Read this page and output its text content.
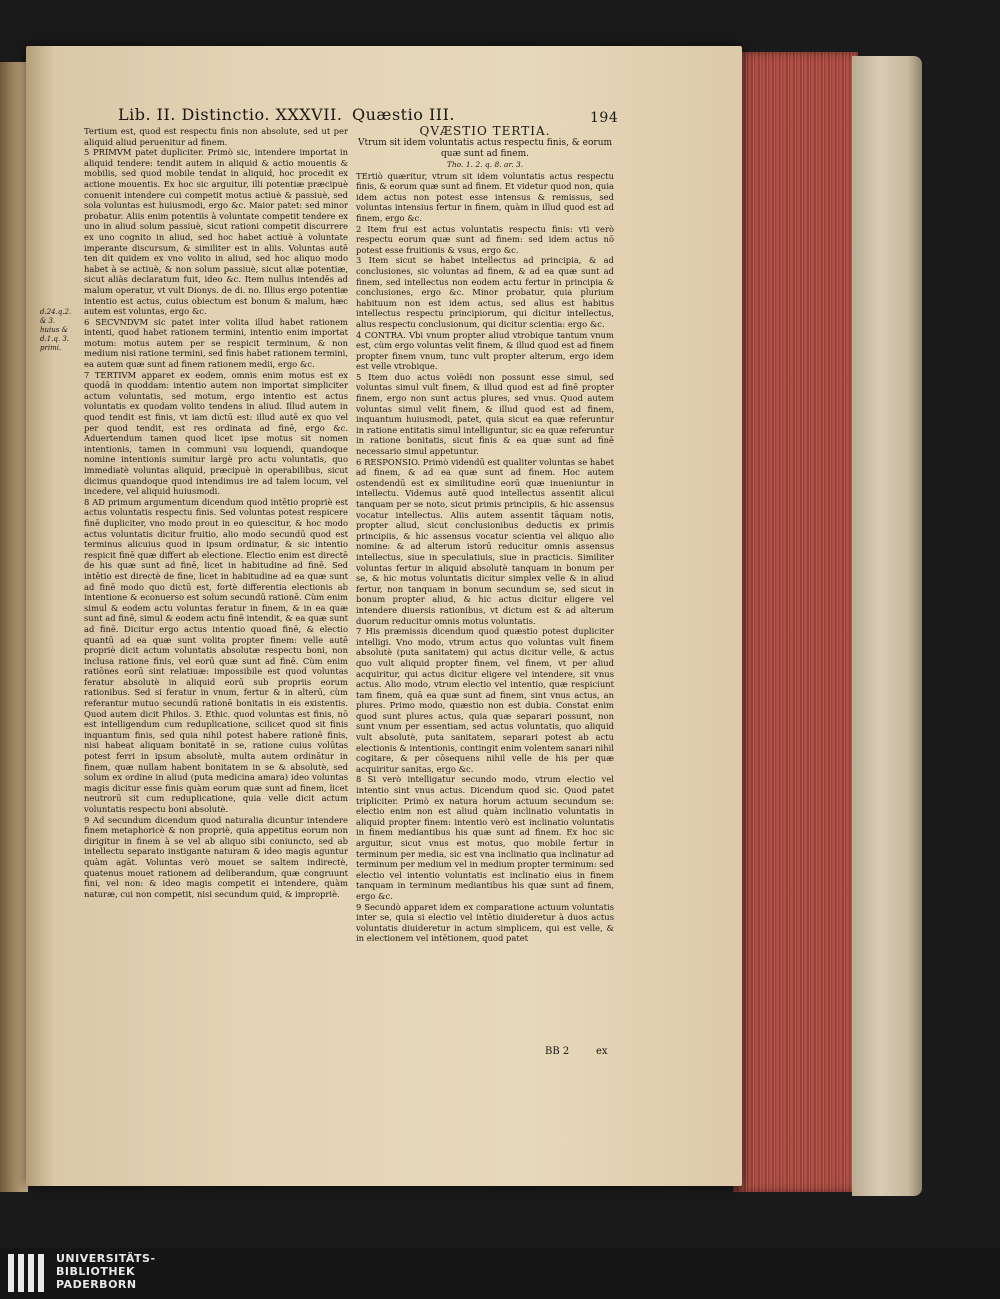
Lib. II. Distinctio. XXXVII. Quæstio III.	194
d.24.q.2. & 3. huius & d.1.q. 3. primi.

Tertium est, quod est respectu finis non absolute, sed ut per aliquid aliud peruenitur ad finem.

5 PRIMVM patet dupliciter. Primò sic, intendere importat in aliquid tendere: tendit autem in aliquid & actio mouentis & mobilis, sed quod mobile tendat in aliquid, hoc procedit ex actione mouentis. Ex hoc sic arguitur, illi potentiæ præcipuè conuenit intendere cui competit motus actiuè & passiuè, sed sola voluntas est huiusmodi, ergo &c. Maior patet: sed minor probatur. Aliis enim potentiis à voluntate competit tendere ex uno in aliud solum passiuè, sicut rationi competit discurrere ex uno cognito in aliud, sed hoc habet actiuè à voluntate imperante discursum, & similiter est in aliis. Voluntas autē ten dit quidem ex vno volito in aliud, sed hoc aliquo modo habet à se actiuè, & non solum passiuè, sicut aliæ potentiæ, sicut aliàs declaratum fuit, ideo &c. Item nullus intendēs ad malum operatur, vt vult Dionys. de di. no. Illius ergo potentiæ intentio est actus, cuius obiectum est bonum & malum, hæc autem est voluntas, ergo &c.

6 SECVNDVM sic patet inter volita illud habet rationem intenti, quod habet rationem termini, intentio enim importat motum: motus autem per se respicit terminum, & non medium nisi ratione termini, sed finis habet rationem termini, ea autem quæ sunt ad finem rationem medii, ergo &c.

7 TERTIVM apparet ex eodem, omnis enim motus est ex quodā in quoddam: intentio autem non importat simpliciter actum voluntatis, sed motum, ergo intentio est actus voluntatis ex quodam volito tendens in aliud. Illud autem in quod tendit est finis, vt iam dictū est: illud autē ex quo vel per quod tendit, est res ordinata ad finē, ergo &c. Aduertendum tamen quod licet ipse motus sit nomen intentionis, tamen in communi vsu loquendi, quandoque nomine intentionis sumitur largè pro actu voluntatis, quo immediatè voluntas aliquid, præcipuè in operabilibus, sicut dicimus quandoque quod intendimus ire ad talem locum, vel incedere, vel aliquid huiusmodi.

8 AD primum argumentum dicendum quod intētio propriè est actus voluntatis respectu finis. Sed voluntas potest respicere finē dupliciter, vno modo prout in eo quiescitur, & hoc modo actus voluntatis dicitur fruitio, alio modo secundū quod est terminus alicuius quod in ipsum ordinatur, & sic intentio respicit finē quæ differt ab electione. Electio enim est directē de his quæ sunt ad finē, licet in habitudine ad finē. Sed intētio est directè de fine, licet in habitudine ad ea quæ sunt ad finē modo quo dictū est, fortè differentia electionis ab intentione & econuerso est solum secundū rationē. Cùm enim simul & eodem actu voluntas feratur in finem, & in ea quæ sunt ad finē, simul & eodem actu finē intendit, & ea quæ sunt ad finē. Dicitur ergo actus intentio quoad finē, & electio quantū ad ea quæ sunt volita propter finem: velle autē propriè dicit actum voluntatis absolutæ respectu boni, non inclusa ratione finis, vel eorū quæ sunt ad finē. Cùm enim ratiōnes eorū sint relatiuæ: impossibile est quod voluntas feratur absolutè in aliquid eorū sub propriis eorum rationibus. Sed si feratur in vnum, fertur & in alterū, cùm referantur mutuo secundū rationē bonitatis in eis existentis. Quod autem dicit Philos. 3. Ethic. quod voluntas est finis, nō est intelligendum cum reduplicatione, scilicet quod sit finis inquantum finis, sed quia nihil potest habere rationē finis, nisi habeat aliquam bonitatē in se, ratione cuius volūtas potest ferri in ipsum absolutè, multa autem ordinātur in finem, quæ nullam habent bonitatem in se & absolutè, sed solum ex ordine in aliud (puta medicina amara) ideo voluntas magis dicitur esse finis quàm eorum quæ sunt ad finem, licet neutrorū sit cum reduplicatione, quia velle dicit actum voluntatis respectu boni absolutè.

9 Ad secundum dicendum quod naturalia dicuntur intendere finem metaphoricè & non propriè, quia appetitus eorum non dirigitur in finem à se vel ab aliquo sibi coniuncto, sed ab intellectu separato instigante naturam & ideo magis aguntur quàm agāt. Voluntas verò mouet se saltem indirectè, quatenus mouet rationem ad deliberandum, quæ congruunt fini, vel non: & ideo magis competit ei intendere, quàm naturæ, cui non competit, nisi secundum quid, & impropriè.

QVÆSTIO TERTIA.

Vtrum sit idem voluntatis actus respectu finis, & eorum quæ sunt ad finem.

Tho. 1. 2. q. 8. ar. 3.

TErtiò quæritur, vtrum sit idem voluntatis actus respectu finis, & eorum quæ sunt ad finem. Et videtur quod non, quia idem actus non potest esse intensus & remissus, sed voluntas intensius fertur in finem, quàm in illud quod est ad finem, ergo &c.

2 Item frui est actus voluntatis respectu finis: vti verò respectu eorum quæ sunt ad finem: sed idem actus nō potest esse fruitionis & vsus, ergo &c.

3 Item sicut se habet intellectus ad principia, & ad conclusiones, sic voluntas ad finem, & ad ea quæ sunt ad finem, sed intellectus non eodem actu fertur in principia & conclusiones, ergo &c. Minor probatur, quia plurium habituum non est idem actus, sed alius est habitus intellectus respectu principiorum, qui dicitur intellectus, alius respectu conclusionum, qui dicitur scientia: ergo &c.

4 CONTRA. Vbi vnum propter aliud vtrobique tantum vnum est, cùm ergo voluntas velit finem, & illud quod est ad finem propter finem vnum, tunc vult propter alterum, ergo idem est velle vtrobique.

5 Item duo actus volēdi non possunt esse simul, sed voluntas simul vult finem, & illud quod est ad finē propter finem, ergo non sunt actus plures, sed vnus. Quod autem voluntas simul velit finem, & illud quod est ad finem, inquantum huiusmodi, patet, quia sicut ea quæ referuntur in ratione entitatis simul intelliguntur, sic ea quæ referuntur in ratione bonitatis, sicut finis & ea quæ sunt ad finē necessario simul appetuntur.

6 RESPONSIO. Primò videndū est qualiter voluntas se habet ad finem, & ad ea quæ sunt ad finem. Hoc autem ostendendū est ex similitudine eorū quæ inueniuntur in intellectu. Videmus autē quod intellectus assentit alicui tanquam per se noto, sicut primis principiis, & hic assensus vocatur intellectus. Aliis autem assentit tāquam notis, propter aliud, sicut conclusionibus deductis ex primis principiis, & hic assensus vocatur scientia vel aliquo alio nomine: & ad alterum istorū reducitur omnis assensus intellectus, siue in speculatiuis, siue in practicis. Similiter voluntas fertur in aliquid absolutè tanquam in bonum per se, & hic motus voluntatis dicitur simplex velle & in aliud fertur, non tanquam in bonum secundum se, sed sicut in bonum propter aliud, & hic actus dicitur eligere vel intendere diuersis rationibus, vt dictum est & ad alterum duorum reducitur omnis motus voluntatis.

7 His præmissis dicendum quod quæstio potest dupliciter intelligi. Vno modo, vtrum actus quo voluntas vult finem absolutè (puta sanitatem) qui actus dicitur velle, & actus quo vult aliquid propter finem, vel finem, vt per aliud acquiritur, qui actus dicitur eligere vel intendere, sit vnus actus. Alio modo, vtrum electio vel intentio, quæ respiciunt tam finem, quā ea quæ sunt ad finem, sint vnus actus, an plures. Primo modo, quæstio non est dubia. Constat enim quod sunt plures actus, quia quæ separari possunt, non sunt vnum per essentiam, sed actus voluntatis, quo aliquid vult absolutè, puta sanitatem, separari potest ab actu electionis & intentionis, contingit enim volentem sanari nihil cogitare, & per cōsequens nihil velle de his per quæ acquiritur sanitas, ergo &c.

8 Si verò intelligatur secundo modo, vtrum electio vel intentio sint vnus actus. Dicendum quod sic. Quod patet tripliciter. Primò ex natura horum actuum secundum se: electio enim non est aliud quàm inclinatio voluntatis in aliquid propter finem: intentio verò est inclinatio voluntatis in finem mediantibus his quæ sunt ad finem. Ex hoc sic arguitur, sicut vnus est motus, quo mobile fertur in terminum per media, sic est vna inclinatio qua inclinatur ad terminum per medium vel in medium propter terminum: sed electio vel intentio voluntatis est inclinatio eius in finem tanquam in terminum mediantibus his quæ sunt ad finem, ergo &c.

9 Secundò apparet idem ex comparatione actuum voluntatis inter se, quia si electio vel intētio diuideretur à duos actus voluntatis diuideretur in actum simplicem, qui est velle, & in electionem vel intētionem, quod patet

BB 2	ex
UNIVERSITÄTS-
BIBLIOTHEK
PADERBORN
